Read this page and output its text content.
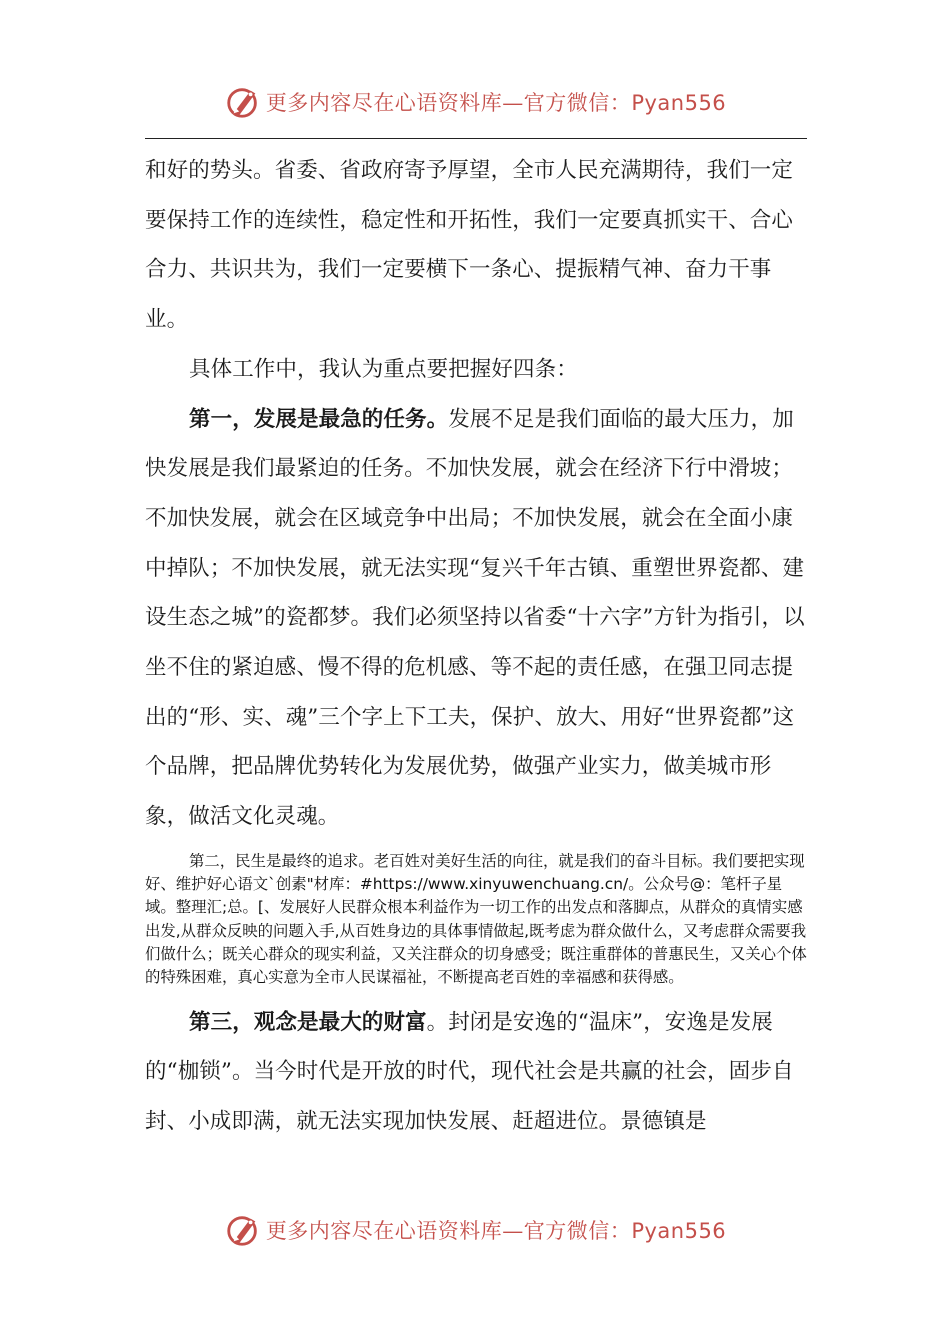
更多内容尽在心语资料库—官方微信：Pyan556

和好的势头。省委、省政府寄予厚望，全市人民充满期待，我们一定要保持工作的连续性，稳定性和开拓性，我们一定要真抓实干、合心合力、共识共为，我们一定要横下一条心、提振精气神、奋力干事业。

具体工作中，我认为重点要把握好四条：

第一，发展是最急的任务。发展不足是我们面临的最大压力，加快发展是我们最紧迫的任务。不加快发展，就会在经济下行中滑坡；不加快发展，就会在区域竞争中出局；不加快发展，就会在全面小康中掉队；不加快发展，就无法实现“复兴千年古镇、重塑世界瓷都、建设生态之城”的瓷都梦。我们必须坚持以省委“十六字”方针为指引，以坐不住的紧迫感、慢不得的危机感、等不起的责任感，在强卫同志提出的“形、实、魂”三个字上下工夫，保护、放大、用好“世界瓷都”这个品牌，把品牌优势转化为发展优势，做强产业实力，做美城市形象，做活文化灵魂。

第二，民生是最终的追求。老百姓对美好生活的向往，就是我们的奋斗目标。我们要把实现好、维护好心语文`创素"材库：#https://www.xinyuwenchuang.cn/。公众号@：笔杆子星域。整理汇;总。[、发展好人民群众根本利益作为一切工作的出发点和落脚点，从群众的真情实感出发,从群众反映的问题入手,从百姓身边的具体事情做起,既考虑为群众做什么，又考虑群众需要我们做什么；既关心群众的现实利益，又关注群众的切身感受；既注重群体的普惠民生，又关心个体的特殊困难，真心实意为全市人民谋福祉，不断提高老百姓的幸福感和获得感。

第三，观念是最大的财富。封闭是安逸的“温床”，安逸是发展的“枷锁”。当今时代是开放的时代，现代社会是共赢的社会，固步自封、小成即满，就无法实现加快发展、赶超进位。景德镇是

更多内容尽在心语资料库—官方微信：Pyan556
